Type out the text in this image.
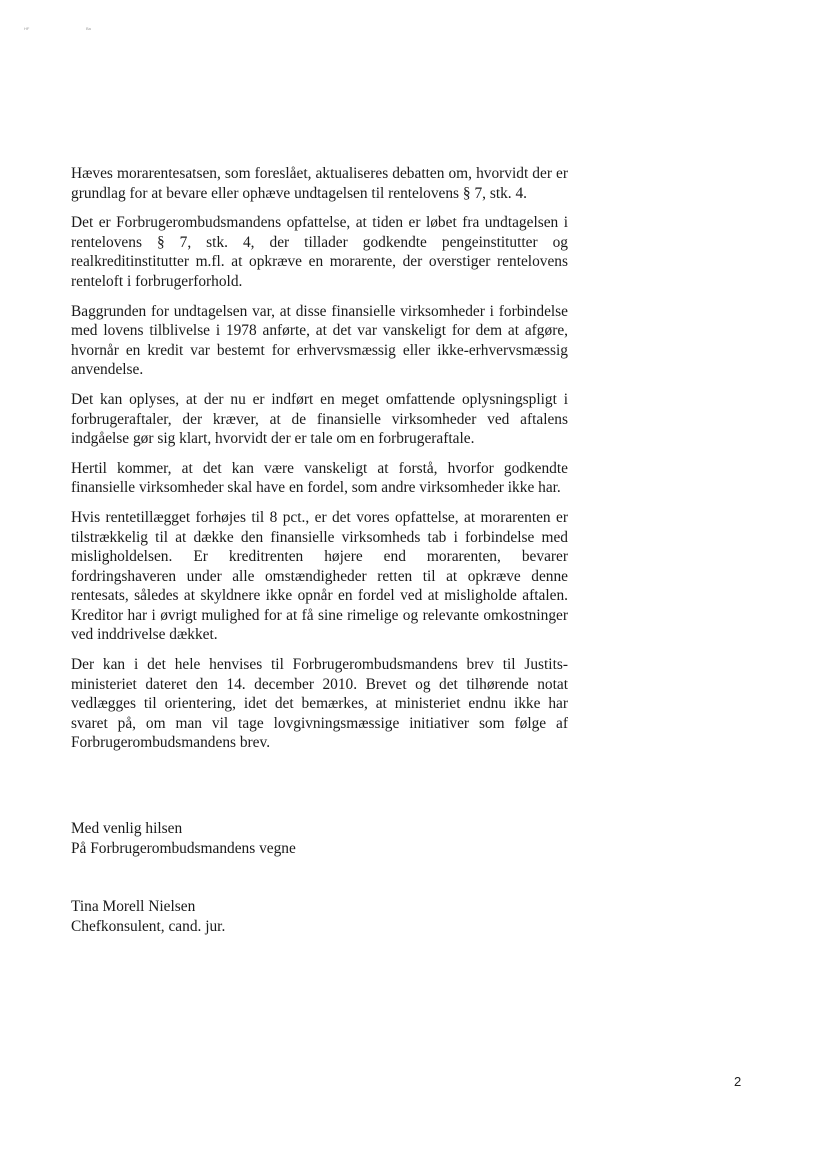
HF	Ba

Hæves morarentesatsen, som foreslået, aktualiseres debatten om, hvorvidt der er grundlag for at bevare eller ophæve undtagelsen til rentelovens § 7, stk. 4.

Det er Forbrugerombudsmandens opfattelse, at tiden er løbet fra undtagelsen i rentelovens § 7, stk. 4, der tillader godkendte pengeinstitutter og realkreditinstitutter m.fl. at opkræve en morarente, der overstiger rentelovens renteloft i forbrugerforhold.

Baggrunden for undtagelsen var, at disse finansielle virksomheder i forbindelse med lovens tilblivelse i 1978 anførte, at det var vanskeligt for dem at afgøre, hvornår en kredit var bestemt for erhvervsmæssig eller ikke-erhvervsmæssig anvendelse.

Det kan oplyses, at der nu er indført en meget omfattende oplysningspligt i forbrugeraftaler, der kræver, at de finansielle virksomheder ved aftalens indgåelse gør sig klart, hvorvidt der er tale om en forbrugeraftale.

Hertil kommer, at det kan være vanskeligt at forstå, hvorfor godkendte finansielle virksomheder skal have en fordel, som andre virksomheder ikke har.

Hvis rentetillægget forhøjes til 8 pct., er det vores opfattelse, at morarenten er tilstrækkelig til at dække den finansielle virksomheds tab i forbindelse med misligholdelsen. Er kreditrenten højere end morarenten, bevarer fordringshaveren under alle omstændigheder retten til at opkræve denne rentesats, således at skyldnere ikke opnår en fordel ved at misligholde aftalen. Kreditor har i øvrigt mulighed for at få sine rimelige og relevante omkostninger ved inddrivelse dækket.

Der kan i det hele henvises til Forbrugerombudsmandens brev til Justitsministeriet dateret den 14. december 2010. Brevet og det tilhørende notat vedlægges til orientering, idet det bemærkes, at ministeriet endnu ikke har svaret på, om man vil tage lovgivningsmæssige initiativer som følge af Forbrugerombudsmandens brev.

Med venlig hilsen
På Forbrugerombudsmandens vegne
Tina Morell Nielsen
Chefkonsulent, cand. jur.
2
